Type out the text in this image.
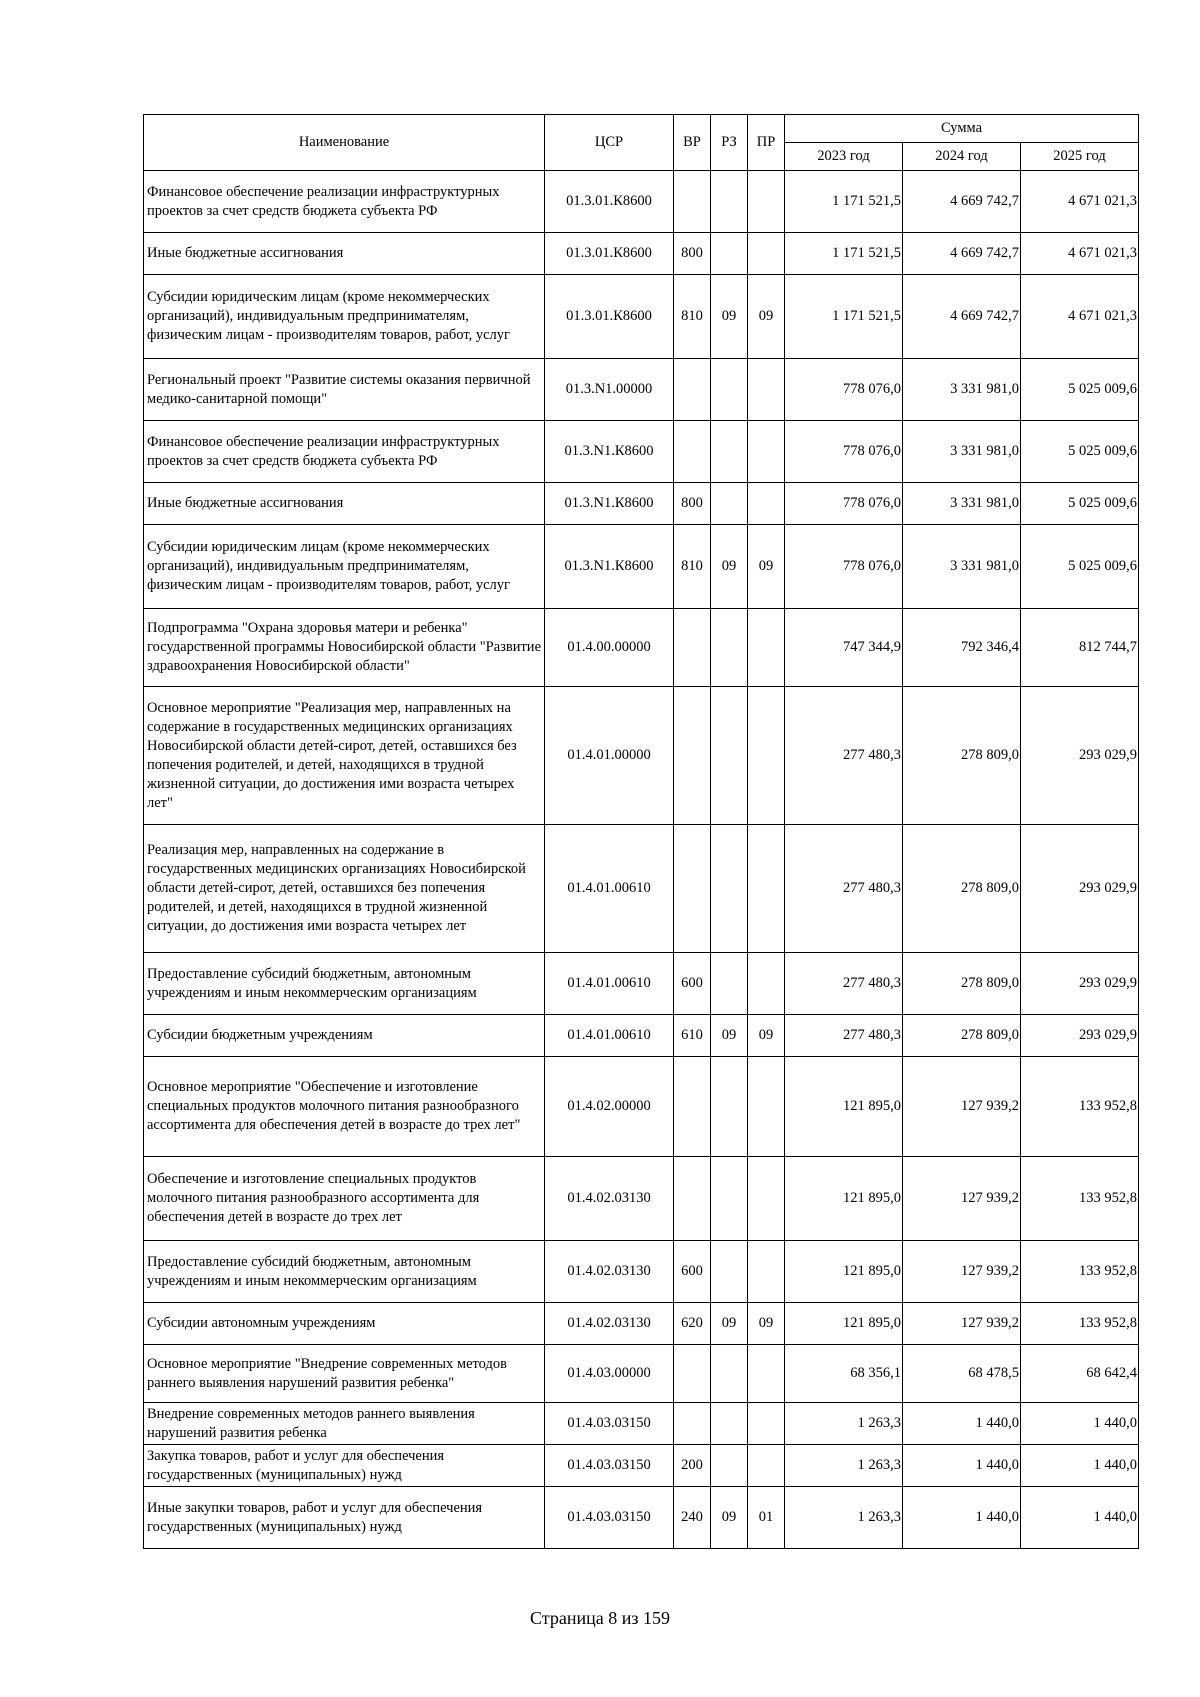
Наименование	ЦСР	ВР	РЗ	ПР	Сумма		
					2023 год	2024 год	2025 год
Финансовое обеспечение реализации инфраструктурных проектов за счет средств бюджета субъекта РФ	01.3.01.К8600				1 171 521,5	4 669 742,7	4 671 021,3
Иные бюджетные ассигнования	01.3.01.К8600	800			1 171 521,5	4 669 742,7	4 671 021,3
Субсидии юридическим лицам (кроме некоммерческих организаций), индивидуальным предпринимателям, физическим лицам - производителям товаров, работ, услуг	01.3.01.К8600	810	09	09	1 171 521,5	4 669 742,7	4 671 021,3
Региональный проект "Развитие системы оказания первичной медико-санитарной помощи"	01.3.N1.00000				778 076,0	3 331 981,0	5 025 009,6
Финансовое обеспечение реализации инфраструктурных проектов за счет средств бюджета субъекта РФ	01.3.N1.К8600				778 076,0	3 331 981,0	5 025 009,6
Иные бюджетные ассигнования	01.3.N1.К8600	800			778 076,0	3 331 981,0	5 025 009,6
Субсидии юридическим лицам (кроме некоммерческих организаций), индивидуальным предпринимателям, физическим лицам - производителям товаров, работ, услуг	01.3.N1.К8600	810	09	09	778 076,0	3 331 981,0	5 025 009,6
Подпрограмма "Охрана здоровья матери и ребенка" государственной программы Новосибирской области "Развитие здравоохранения Новосибирской области"	01.4.00.00000				747 344,9	792 346,4	812 744,7
Основное мероприятие "Реализация мер, направленных на содержание в государственных медицинских организациях Новосибирской области детей-сирот, детей, оставшихся без попечения родителей, и детей, находящихся в трудной жизненной ситуации, до достижения ими возраста четырех лет"	01.4.01.00000				277 480,3	278 809,0	293 029,9
Реализация мер, направленных на содержание в государственных медицинских организациях Новосибирской области детей-сирот, детей, оставшихся без попечения родителей, и детей, находящихся в трудной жизненной ситуации, до достижения ими возраста четырех лет	01.4.01.00610				277 480,3	278 809,0	293 029,9
Предоставление субсидий бюджетным, автономным учреждениям и иным некоммерческим организациям	01.4.01.00610	600			277 480,3	278 809,0	293 029,9
Субсидии бюджетным учреждениям	01.4.01.00610	610	09	09	277 480,3	278 809,0	293 029,9
Основное мероприятие "Обеспечение и изготовление специальных продуктов молочного питания разнообразного ассортимента для обеспечения детей в возрасте до трех лет"	01.4.02.00000				121 895,0	127 939,2	133 952,8
Обеспечение и изготовление специальных продуктов молочного питания разнообразного ассортимента для обеспечения детей в возрасте до трех лет	01.4.02.03130				121 895,0	127 939,2	133 952,8
Предоставление субсидий бюджетным, автономным учреждениям и иным некоммерческим организациям	01.4.02.03130	600			121 895,0	127 939,2	133 952,8
Субсидии автономным учреждениям	01.4.02.03130	620	09	09	121 895,0	127 939,2	133 952,8
Основное мероприятие "Внедрение современных методов раннего выявления нарушений развития ребенка"	01.4.03.00000				68 356,1	68 478,5	68 642,4
Внедрение современных методов раннего выявления нарушений развития ребенка	01.4.03.03150				1 263,3	1 440,0	1 440,0
Закупка товаров, работ и услуг для обеспечения государственных (муниципальных) нужд	01.4.03.03150	200			1 263,3	1 440,0	1 440,0
Иные закупки товаров, работ и услуг для обеспечения государственных (муниципальных) нужд	01.4.03.03150	240	09	01	1 263,3	1 440,0	1 440,0
Страница 8 из 159
